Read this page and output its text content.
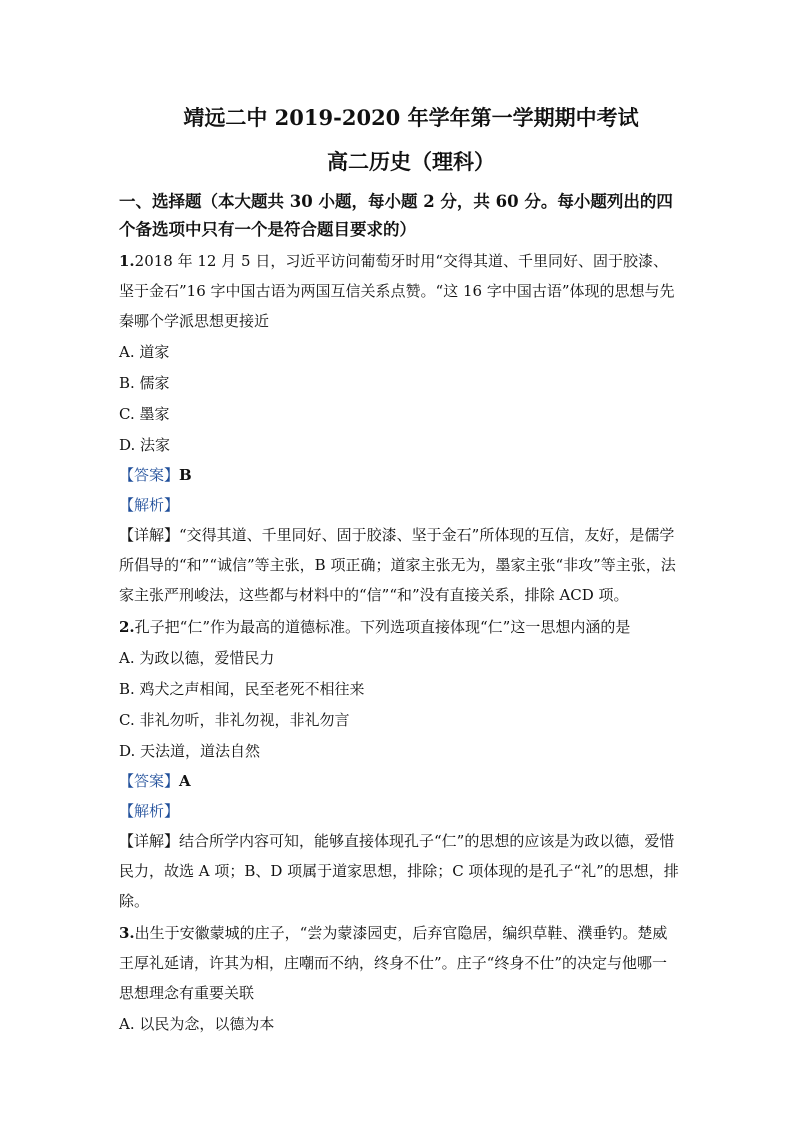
靖远二中 2019-2020 年学年第一学期期中考试
高二历史（理科）
一、选择题（本大题共 30 小题，每小题 2 分，共 60 分。每小题列出的四个备选项中只有一个是符合题目要求的）

1.2018 年 12 月 5 日，习近平访问葡萄牙时用“交得其道、千里同好、固于胶漆、坚于金石”16 字中国古语为两国互信关系点赞。“这 16 字中国古语”体现的思想与先秦哪个学派思想更接近

A. 道家

B. 儒家

C. 墨家

D. 法家

【答案】B

【解析】

【详解】“交得其道、千里同好、固于胶漆、坚于金石”所体现的互信，友好，是儒学所倡导的“和”“诚信”等主张，B 项正确；道家主张无为，墨家主张“非攻”等主张，法家主张严刑峻法，这些都与材料中的“信”“和”没有直接关系，排除 ACD 项。

2.孔子把“仁”作为最高的道德标准。下列选项直接体现“仁”这一思想内涵的是

A. 为政以德，爱惜民力

B. 鸡犬之声相闻，民至老死不相往来

C. 非礼勿听，非礼勿视，非礼勿言

D. 天法道，道法自然

【答案】A

【解析】

【详解】结合所学内容可知，能够直接体现孔子“仁”的思想的应该是为政以德，爱惜民力，故选 A 项；B、D 项属于道家思想，排除；C 项体现的是孔子“礼”的思想，排除。

3.出生于安徽蒙城的庄子，“尝为蒙漆园吏，后弃官隐居，编织草鞋、濮垂钓。楚威王厚礼延请，许其为相，庄嘲而不纳，终身不仕”。庄子“终身不仕”的决定与他哪一思想理念有重要关联

A. 以民为念，以德为本
